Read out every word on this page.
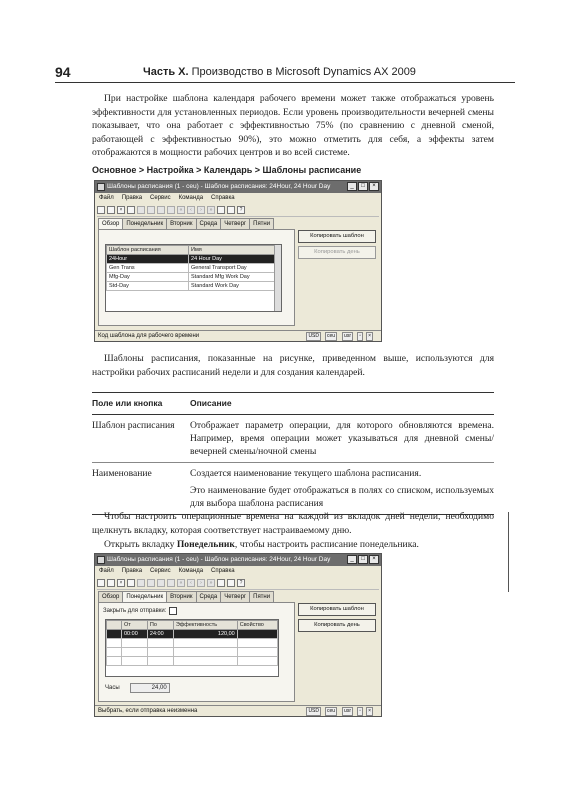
94	Часть X. Производство в Microsoft Dynamics AX 2009
При настройке шаблона календаря рабочего времени может также отображаться уровень эффективности для установленных периодов. Если уровень производительности вечерней смены показывает, что она работает с эффективностью 75% (по сравнению с дневной сменой, работающей с эффективностью 90%), это можно отметить для себя, а эффекты затем отображаются в мощности рабочих центров и во всей системе.
Основное > Настройка > Календарь > Шаблоны расписание
Шаблоны расписания (1 - ceu) - Шаблон расписания: 24Hour, 24 Hour Day	_	□	×
Файл Правка Сервис Команда Справка
×	«	‹	›	»	?
Обзор	Понедельник	Вторник	Среда	Четверг	Пятни
Шаблон расписания	Имя
24Hour	24 Hour Day
Gen Trans	General Transport Day
Mfg-Day	Standard Mfg Work Day
Std-Day	Standard Work Day
Копировать шаблон
Копировать день
Код шаблона для рабочего времени	USD	ceu	usr	▫	×
Шаблоны расписания, показанные на рисунке, приведенном выше, используются для настройки рабочих расписаний недели и для создания календарей.
Поле или кнопка	Описание
Шаблон расписания	Отображает параметр операции, для которого обновляются времена. Например, время операции может указываться для дневной смены/вечерней смены/ночной смены
Наименование	Создается наименование текущего шаблона расписания.
Это наименование будет отображаться в полях со списком, используемых для выбора шаблона расписания
Чтобы настроить операционные времена на каждой из вкладок дней недели, необходимо щелкнуть вкладку, которая соответствует настраиваемому дню.
Открыть вкладку Понедельник, чтобы настроить расписание понедельника.
Шаблоны расписания (1 - ceu) - Шаблон расписания: 24Hour, 24 Hour Day	_	□	×
Файл Правка Сервис Команда Справка
×	«	‹	›	»	?
Обзор	Понедельник	Вторник	Среда	Четверг	Пятни
Закрыть для отправки:
	От	По	Эффективность	Свойство
	00:00	24:00	120,00	

Часы	24,00
Копировать шаблон
Копировать день
Выбрать, если отправка неизменна	USD	ceu	usr	▫	×
